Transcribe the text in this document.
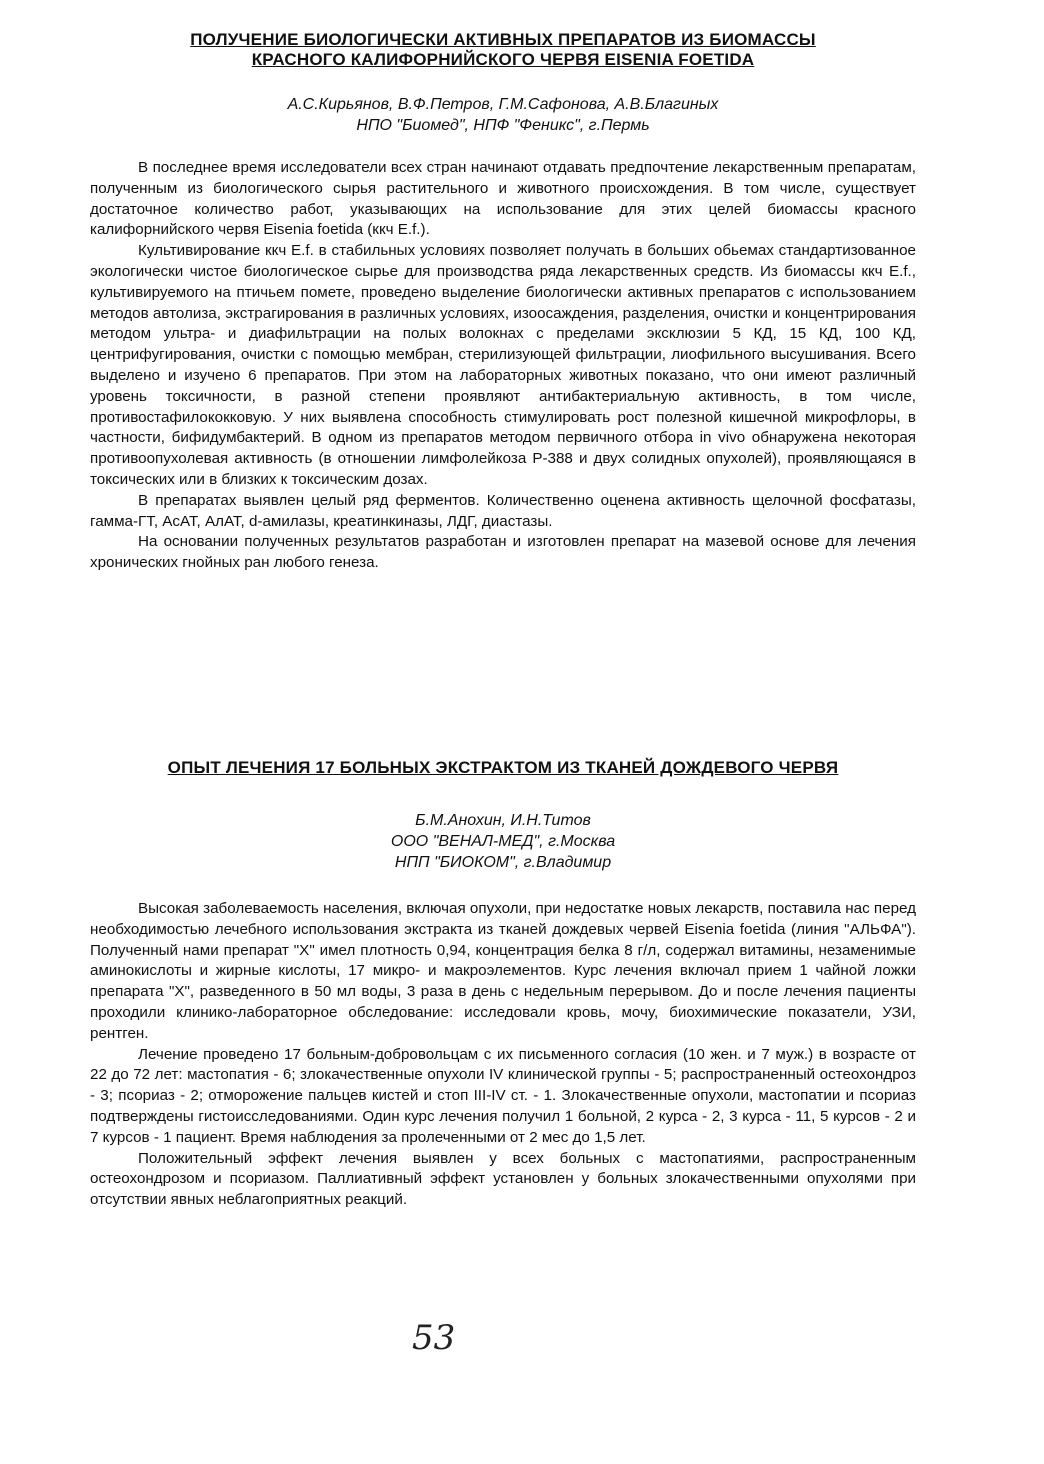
ПОЛУЧЕНИЕ БИОЛОГИЧЕСКИ АКТИВНЫХ ПРЕПАРАТОВ ИЗ БИОМАССЫ
КРАСНОГО КАЛИФОРНИЙСКОГО ЧЕРВЯ EISENIA FOETIDA
А.С.Кирьянов, В.Ф.Петров, Г.М.Сафонова, А.В.Благиных
НПО "Биомед", НПФ "Феникс", г.Пермь

В последнее время исследователи всех стран начинают отдавать предпочтение лекарственным препаратам, полученным из биологического сырья растительного и животного происхождения. В том числе, существует достаточное количество работ, указывающих на использование для этих целей биомассы красного калифорнийского червя Eisenia foetida (ккч E.f.).

Культивирование ккч E.f. в стабильных условиях позволяет получать в больших обьемах стандартизованное экологически чистое биологическое сырье для производства ряда лекарственных средств. Из биомассы ккч E.f., культивируемого на птичьем помете, проведено выделение биологически активных препаратов с использованием методов автолиза, экстрагирования в различных условиях, изоосаждения, разделения, очистки и концентрирования методом ультра- и диафильтрации на полых волокнах с пределами эксклюзии 5 КД, 15 КД, 100 КД, центрифугирования, очистки с помощью мембран, стерилизующей фильтрации, лиофильного высушивания. Всего выделено и изучено 6 препаратов. При этом на лабораторных животных показано, что они имеют различный уровень токсичности, в разной степени проявляют антибактериальную активность, в том числе, противостафилококковую. У них выявлена способность стимулировать рост полезной кишечной микрофлоры, в частности, бифидумбактерий. В одном из препаратов методом первичного отбора in vivo обнаружена некоторая противоопухолевая активность (в отношении лимфолейкоза Р-388 и двух солидных опухолей), проявляющаяся в токсических или в близких к токсическим дозах.

В препаратах выявлен целый ряд ферментов. Количественно оценена активность щелочной фосфатазы, гамма-ГТ, АсАТ, АлАТ, d-амилазы, креатинкиназы, ЛДГ, диастазы.

На основании полученных результатов разработан и изготовлен препарат на мазевой основе для лечения хронических гнойных ран любого генеза.

ОПЫТ ЛЕЧЕНИЯ 17 БОЛЬНЫХ ЭКСТРАКТОМ ИЗ ТКАНЕЙ ДОЖДЕВОГО ЧЕРВЯ
Б.М.Анохин, И.Н.Титов
ООО "ВЕНАЛ-МЕД", г.Москва
НПП "БИОКОМ", г.Владимир

Высокая заболеваемость населения, включая опухоли, при недостатке новых лекарств, поставила нас перед необходимостью лечебного использования экстракта из тканей дождевых червей Eisenia foetida (линия "АЛЬФА"). Полученный нами препарат "X" имел плотность 0,94, концентрация белка 8 г/л, содержал витамины, незаменимые аминокислоты и жирные кислоты, 17 микро- и макроэлементов. Курс лечения включал прием 1 чайной ложки препарата "X", разведенного в 50 мл воды, 3 раза в день с недельным перерывом. До и после лечения пациенты проходили клинико-лабораторное обследование: исследовали кровь, мочу, биохимические показатели, УЗИ, рентген.

Лечение проведено 17 больным-добровольцам с их письменного согласия (10 жен. и 7 муж.) в возрасте от 22 до 72 лет: мастопатия - 6; злокачественные опухоли IV клинической группы - 5; распространенный остеохондроз - 3; псориаз - 2; отморожение пальцев кистей и стоп III-IV ст. - 1. Злокачественные опухоли, мастопатии и псориаз подтверждены гистоисследованиями. Один курс лечения получил 1 больной, 2 курса - 2, 3 курса - 11, 5 курсов - 2 и 7 курсов - 1 пациент. Время наблюдения за пролеченными от 2 мес до 1,5 лет.

Положительный эффект лечения выявлен у всех больных с мастопатиями, распространенным остеохондрозом и псориазом. Паллиативный эффект установлен у больных злокачественными опухолями при отсутствии явных неблагоприятных реакций.

53
